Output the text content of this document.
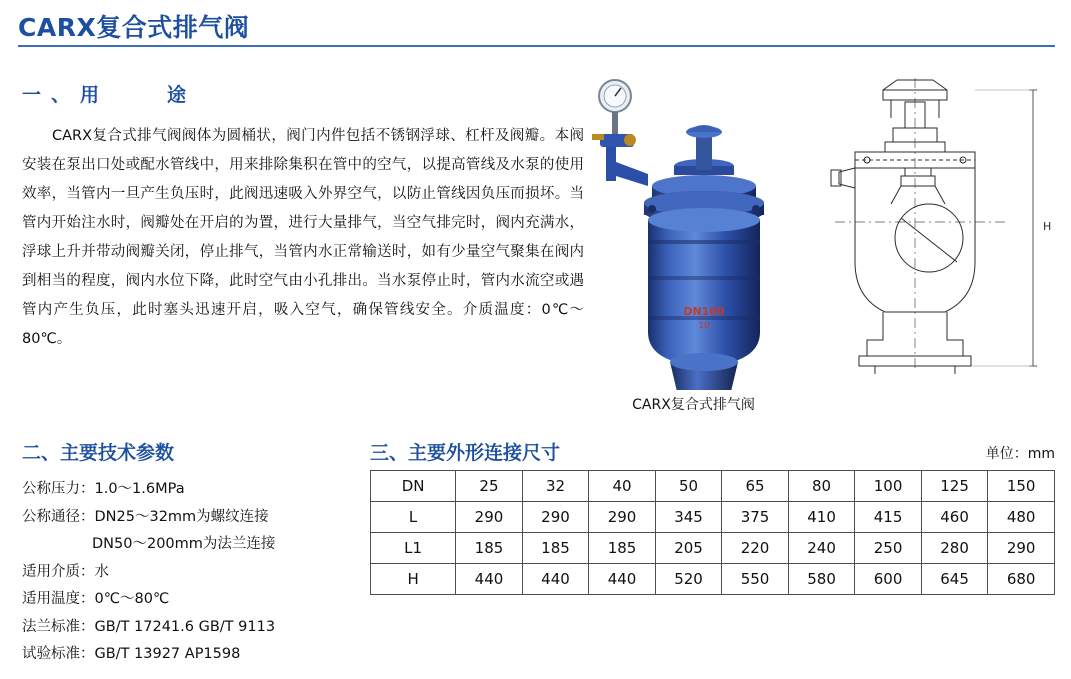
CARX复合式排气阀
一、用　　途
CARX复合式排气阀阀体为圆桶状，阀门内件包括不锈钢浮球、杠杆及阀瓣。本阀安装在泵出口处或配水管线中，用来排除集积在管中的空气，以提高管线及水泵的使用效率，当管内一旦产生负压时，此阀迅速吸入外界空气，以防止管线因负压而损坏。当管内开始注水时，阀瓣处在开启的为置，进行大量排气，当空气排完时，阀内充满水，浮球上升并带动阀瓣关闭，停止排气，当管内水正常输送时，如有少量空气聚集在阀内到相当的程度，阀内水位下降，此时空气由小孔排出。当水泵停止时，管内水流空或遇管内产生负压，此时塞头迅速开启，吸入空气，确保管线安全。介质温度：0℃～80℃。
DN100
10
CARX复合式排气阀
H
二、主要技术参数
公称压力：1.0～1.6MPa
公称通径：DN25～32mm为螺纹连接
DN50～200mm为法兰连接
适用介质：水
适用温度：0℃～80℃
法兰标准：GB/T 17241.6 GB/T 9113
试验标准：GB/T 13927 AP1598
三、主要外形连接尺寸	单位：mm
DN	25	32	40	50	65	80	100	125	150
L	290	290	290	345	375	410	415	460	480
L1	185	185	185	205	220	240	250	280	290
H	440	440	440	520	550	580	600	645	680
